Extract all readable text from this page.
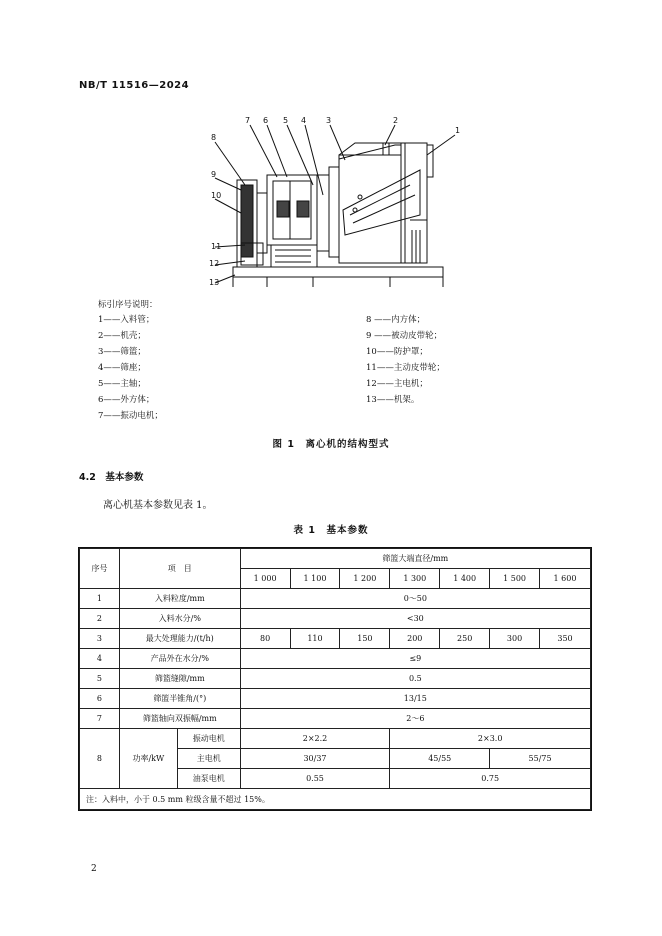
NB/T 11516—2024
8
9
10
11
12
13
7 6 5 4 3	2
1
标引序号说明：
1——入料管；
2——机壳；
3——筛篮；
4——筛座；
5——主轴；
6——外方体；
7——振动电机；
8 ——内方体；
9 ——被动皮带轮；
10——防护罩；
11——主动皮带轮；
12——主电机；
13——机架。
图 1　离心机的结构型式
4.2　基本参数
离心机基本参数见表 1。
表 1　基本参数
序号	项　目		筛篮大端直径/mm						
			1 000	1 100	1 200	1 300	1 400	1 500	1 600
1	入料粒度/mm		0～50						
2	入料水分/%		<30						
3	最大处理能力/(t/h)		80	110	150	200	250	300	350
4	产品外在水分/%		≤9						
5	筛篮缝隙/mm		0.5						
6	筛篮半锥角/(°)		13/15						
7	筛篮轴向双振幅/mm		2～6						
8	功率/kW	振动电机	2×2.2			2×3.0			
		主电机	30/37			45/55		55/75	
		油泵电机	0.55			0.75			
注：入料中，小于 0.5 mm 粒级含量不超过 15%。									
2
